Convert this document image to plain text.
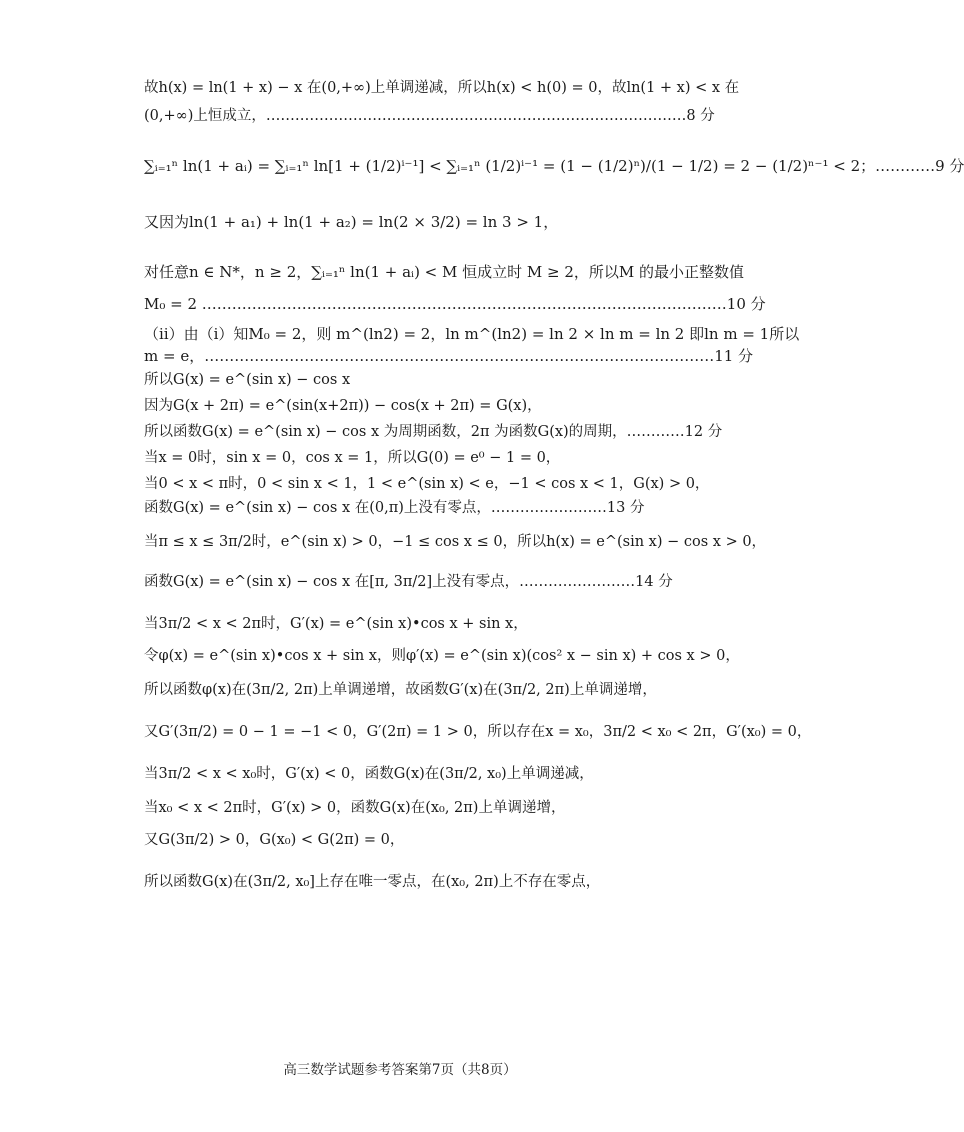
故h(x) = ln(1 + x) − x 在(0,+∞)上单调递减，所以h(x) < h(0) = 0，故ln(1 + x) < x 在
(0,+∞)上恒成立，……………………………………………………………………………8 分
∑ᵢ₌₁ⁿ ln(1 + aᵢ) = ∑ᵢ₌₁ⁿ ln[1 + (1/2)ⁱ⁻¹] < ∑ᵢ₌₁ⁿ (1/2)ⁱ⁻¹ = (1 − (1/2)ⁿ)/(1 − 1/2) = 2 − (1/2)ⁿ⁻¹ < 2；…………9 分
又因为ln(1 + a₁) + ln(1 + a₂) = ln(2 × 3/2) = ln 3 > 1，
对任意n ∈ N*，n ≥ 2，∑ᵢ₌₁ⁿ ln(1 + aᵢ) < M 恒成立时 M ≥ 2，所以M 的最小正整数值
M₀ = 2 ……………………………………………………………………………………………10 分
（ⅱ）由（ⅰ）知M₀ = 2，则 m^(ln2) = 2，ln m^(ln2) = ln 2 × ln m = ln 2 即ln m = 1所以
m = e，…………………………………………………………………………………………11 分
所以G(x) = e^(sin x) − cos x
因为G(x + 2π) = e^(sin(x+2π)) − cos(x + 2π) = G(x)，
所以函数G(x) = e^(sin x) − cos x 为周期函数，2π 为函数G(x)的周期，…………12 分
当x = 0时，sin x = 0，cos x = 1，所以G(0) = e⁰ − 1 = 0，
当0 < x < π时，0 < sin x < 1，1 < e^(sin x) < e，−1 < cos x < 1，G(x) > 0，
函数G(x) = e^(sin x) − cos x 在(0,π)上没有零点，……………………13 分
当π ≤ x ≤ 3π/2时，e^(sin x) > 0，−1 ≤ cos x ≤ 0，所以h(x) = e^(sin x) − cos x > 0，
函数G(x) = e^(sin x) − cos x 在[π, 3π/2]上没有零点，……………………14 分
当3π/2 < x < 2π时，G′(x) = e^(sin x)•cos x + sin x，
令φ(x) = e^(sin x)•cos x + sin x，则φ′(x) = e^(sin x)(cos² x − sin x) + cos x > 0，
所以函数φ(x)在(3π/2, 2π)上单调递增，故函数G′(x)在(3π/2, 2π)上单调递增，
又G′(3π/2) = 0 − 1 = −1 < 0，G′(2π) = 1 > 0，所以存在x = x₀，3π/2 < x₀ < 2π，G′(x₀) = 0，
当3π/2 < x < x₀时，G′(x) < 0，函数G(x)在(3π/2, x₀)上单调递减，
当x₀ < x < 2π时，G′(x) > 0，函数G(x)在(x₀, 2π)上单调递增，
又G(3π/2) > 0，G(x₀) < G(2π) = 0，
所以函数G(x)在(3π/2, x₀]上存在唯一零点，在(x₀, 2π)上不存在零点，
高三数学试题参考答案第7页（共8页）
